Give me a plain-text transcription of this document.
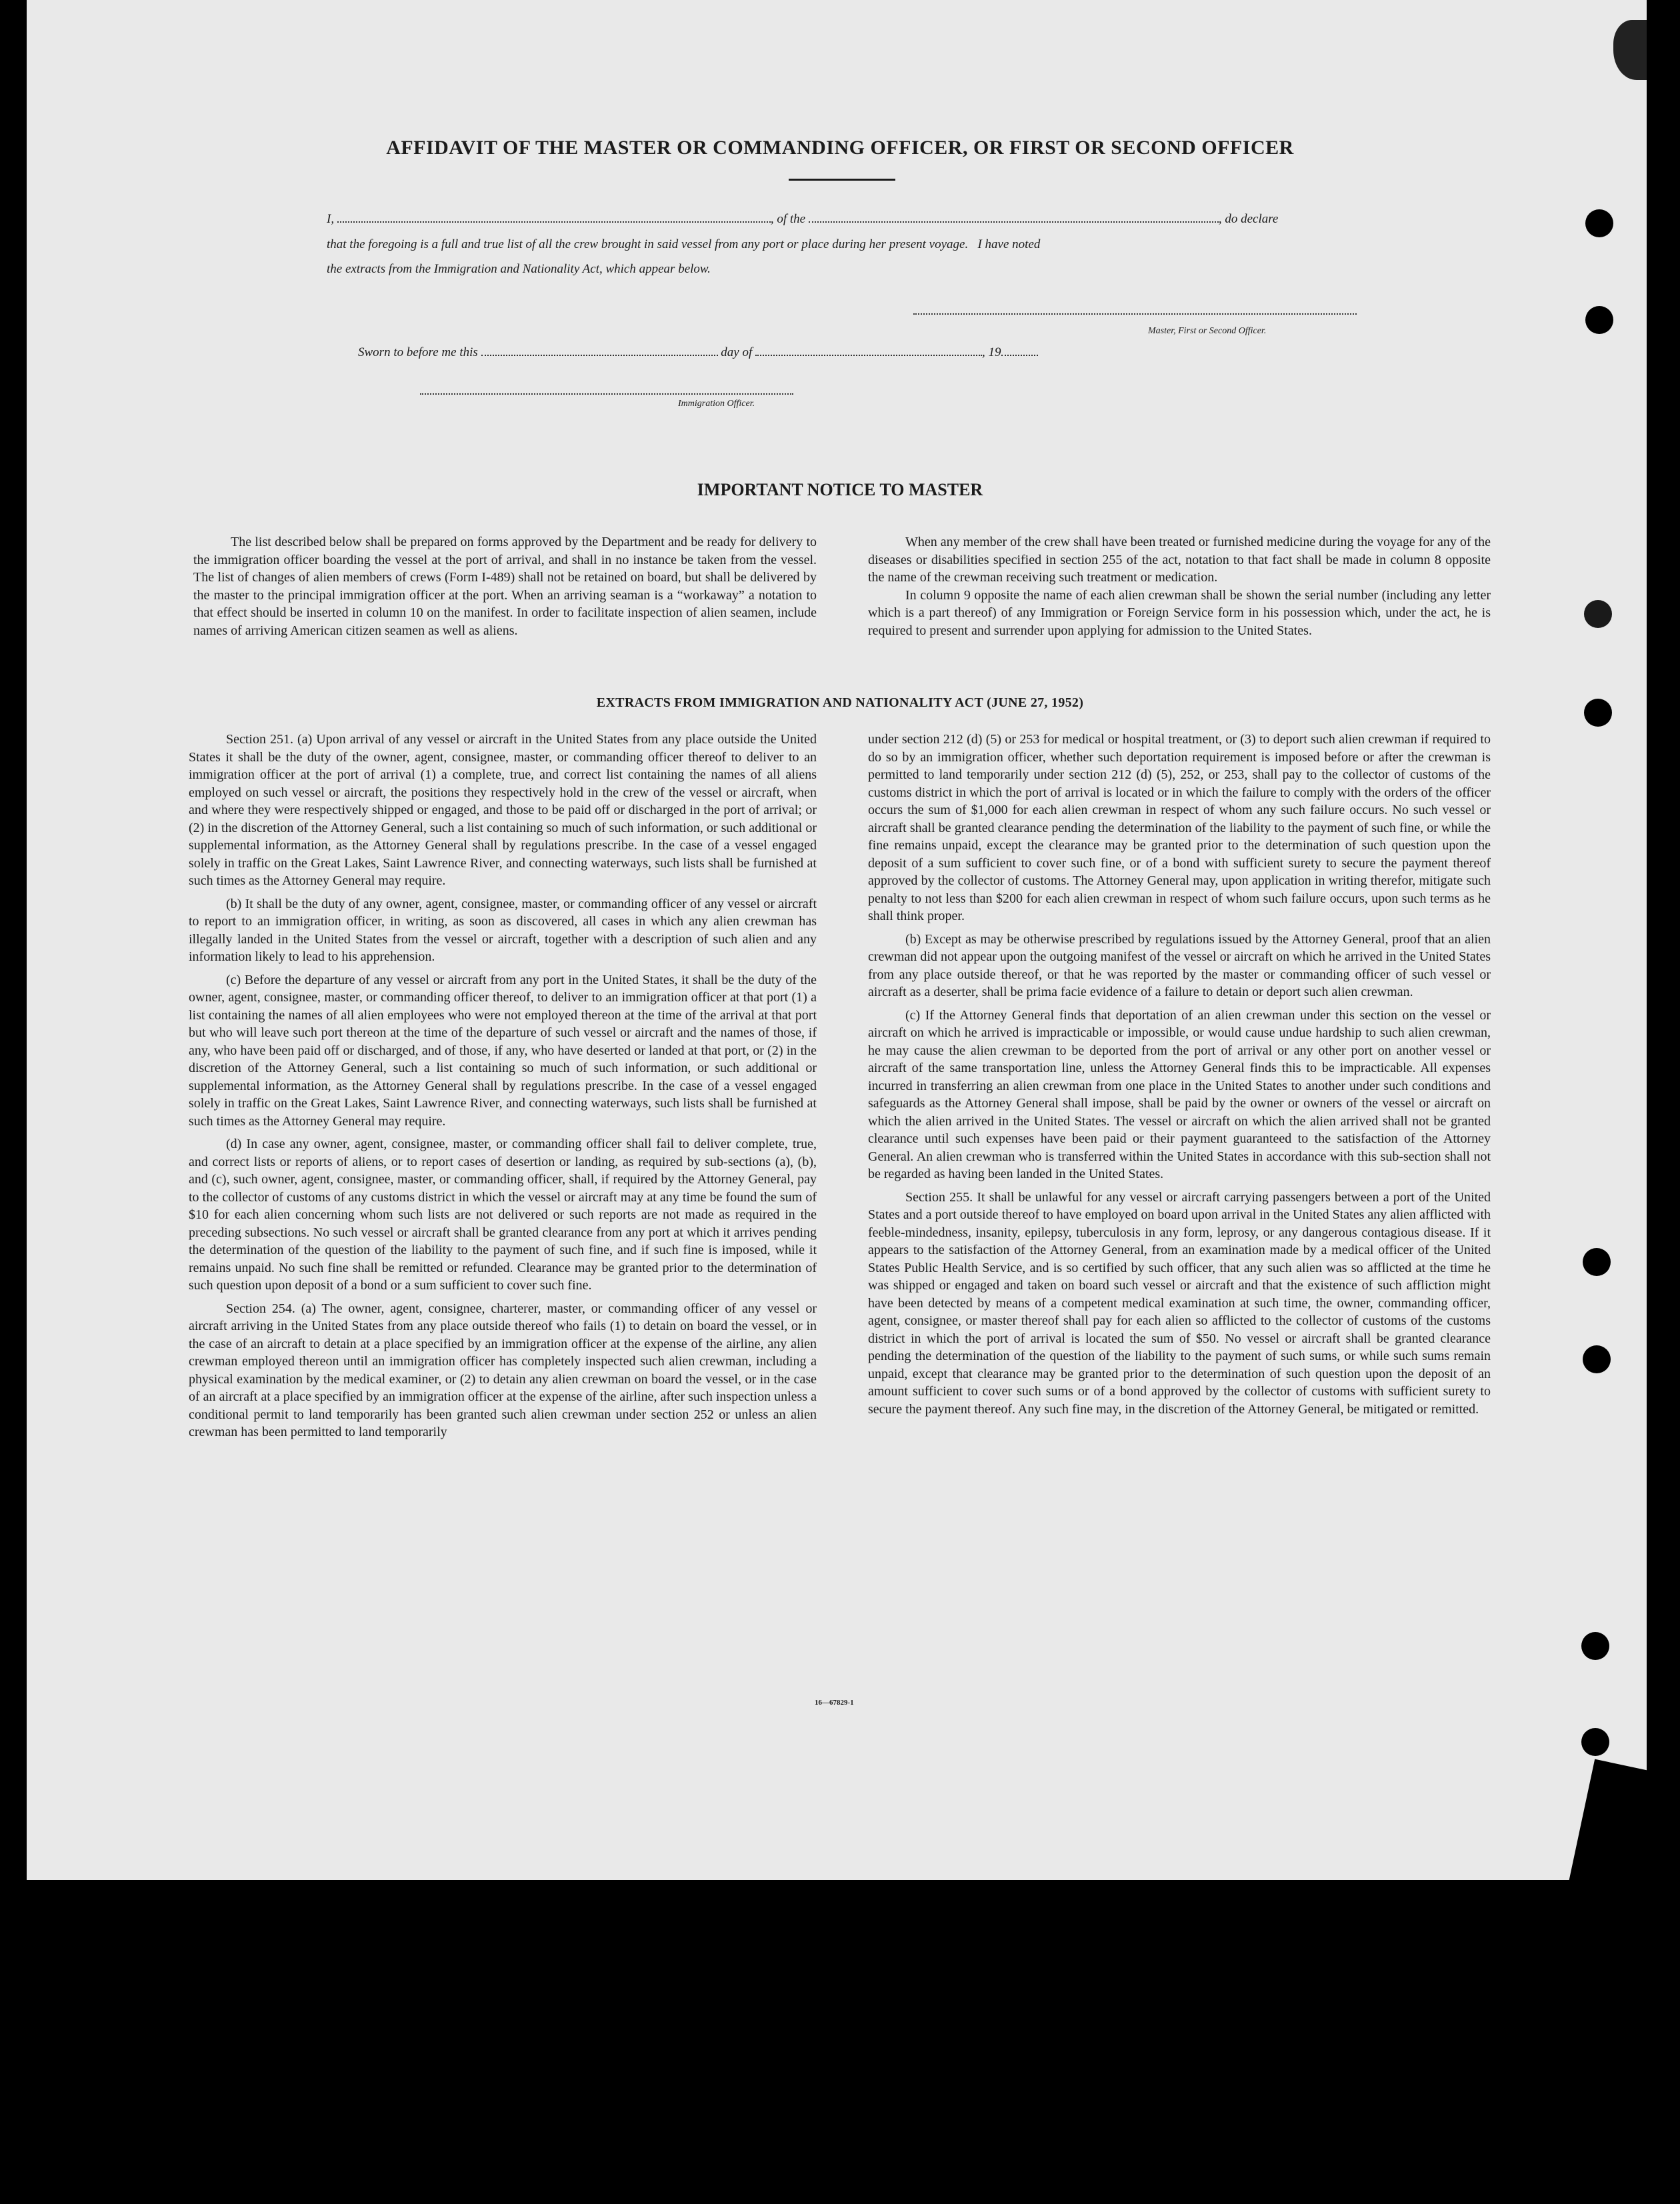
AFFIDAVIT OF THE MASTER OR COMMANDING OFFICER, OR FIRST OR SECOND OFFICER
I,	, of the	, do declare
that the foregoing is a full and true list of all the crew brought in said vessel from any port or place during her present voyage.   I have noted
the extracts from the Immigration and Nationality Act, which appear below.
Master, First or Second Officer.
Sworn to before me this	day of	, 19
Immigration Officer.
IMPORTANT NOTICE TO MASTER

The list described below shall be prepared on forms approved by the Department and be ready for delivery to the immigration officer boarding the vessel at the port of arrival, and shall in no instance be taken from the vessel. The list of changes of alien members of crews (Form I-489) shall not be retained on board, but shall be delivered by the master to the principal immigration officer at the port. When an arriving seaman is a “workaway” a notation to that effect should be inserted in column 10 on the manifest. In order to facilitate inspection of alien seamen, include names of arriving American citizen seamen as well as aliens.

When any member of the crew shall have been treated or furnished medicine during the voyage for any of the diseases or disabilities specified in section 255 of the act, notation to that fact shall be made in column 8 opposite the name of the crewman receiving such treatment or medication.

In column 9 opposite the name of each alien crewman shall be shown the serial number (including any letter which is a part thereof) of any Immigration or Foreign Service form in his possession which, under the act, he is required to present and surrender upon applying for admission to the United States.

EXTRACTS FROM IMMIGRATION AND NATIONALITY ACT (JUNE 27, 1952)

Section 251. (a) Upon arrival of any vessel or aircraft in the United States from any place outside the United States it shall be the duty of the owner, agent, consignee, master, or commanding officer thereof to deliver to an immigration officer at the port of arrival (1) a complete, true, and correct list containing the names of all aliens employed on such vessel or aircraft, the positions they respectively hold in the crew of the vessel or aircraft, when and where they were respectively shipped or engaged, and those to be paid off or discharged in the port of arrival; or (2) in the discretion of the Attorney General, such a list containing so much of such information, or such additional or supplemental information, as the Attorney General shall by regulations prescribe. In the case of a vessel engaged solely in traffic on the Great Lakes, Saint Lawrence River, and connecting waterways, such lists shall be furnished at such times as the Attorney General may require.

(b) It shall be the duty of any owner, agent, consignee, master, or commanding officer of any vessel or aircraft to report to an immigration officer, in writing, as soon as discovered, all cases in which any alien crewman has illegally landed in the United States from the vessel or aircraft, together with a description of such alien and any information likely to lead to his apprehension.

(c) Before the departure of any vessel or aircraft from any port in the United States, it shall be the duty of the owner, agent, consignee, master, or commanding officer thereof, to deliver to an immigration officer at that port (1) a list containing the names of all alien employees who were not employed thereon at the time of the arrival at that port but who will leave such port thereon at the time of the departure of such vessel or aircraft and the names of those, if any, who have been paid off or discharged, and of those, if any, who have deserted or landed at that port, or (2) in the discretion of the Attorney General, such a list containing so much of such information, or such additional or supplemental information, as the Attorney General shall by regulations prescribe. In the case of a vessel engaged solely in traffic on the Great Lakes, Saint Lawrence River, and connecting waterways, such lists shall be furnished at such times as the Attorney General may require.

(d) In case any owner, agent, consignee, master, or commanding officer shall fail to deliver complete, true, and correct lists or reports of aliens, or to report cases of desertion or landing, as required by sub-sections (a), (b), and (c), such owner, agent, consignee, master, or commanding officer, shall, if required by the Attorney General, pay to the collector of customs of any customs district in which the vessel or aircraft may at any time be found the sum of $10 for each alien concerning whom such lists are not delivered or such reports are not made as required in the preceding subsections. No such vessel or aircraft shall be granted clearance from any port at which it arrives pending the determination of the question of the liability to the payment of such fine, and if such fine is imposed, while it remains unpaid. No such fine shall be remitted or refunded. Clearance may be granted prior to the determination of such question upon deposit of a bond or a sum sufficient to cover such fine.

Section 254. (a) The owner, agent, consignee, charterer, master, or commanding officer of any vessel or aircraft arriving in the United States from any place outside thereof who fails (1) to detain on board the vessel, or in the case of an aircraft to detain at a place specified by an immigration officer at the expense of the airline, any alien crewman employed thereon until an immigration officer has completely inspected such alien crewman, including a physical examination by the medical examiner, or (2) to detain any alien crewman on board the vessel, or in the case of an aircraft at a place specified by an immigration officer at the expense of the airline, after such inspection unless a conditional permit to land temporarily has been granted such alien crewman under section 252 or unless an alien crewman has been permitted to land temporarily

under section 212 (d) (5) or 253 for medical or hospital treatment, or (3) to deport such alien crewman if required to do so by an immigration officer, whether such deportation requirement is imposed before or after the crewman is permitted to land temporarily under section 212 (d) (5), 252, or 253, shall pay to the collector of customs of the customs district in which the port of arrival is located or in which the failure to comply with the orders of the officer occurs the sum of $1,000 for each alien crewman in respect of whom any such failure occurs. No such vessel or aircraft shall be granted clearance pending the determination of the liability to the payment of such fine, or while the fine remains unpaid, except the clearance may be granted prior to the determination of such question upon the deposit of a sum sufficient to cover such fine, or of a bond with sufficient surety to secure the payment thereof approved by the collector of customs. The Attorney General may, upon application in writing therefor, mitigate such penalty to not less than $200 for each alien crewman in respect of whom such failure occurs, upon such terms as he shall think proper.

(b) Except as may be otherwise prescribed by regulations issued by the Attorney General, proof that an alien crewman did not appear upon the outgoing manifest of the vessel or aircraft on which he arrived in the United States from any place outside thereof, or that he was reported by the master or commanding officer of such vessel or aircraft as a deserter, shall be prima facie evidence of a failure to detain or deport such alien crewman.

(c) If the Attorney General finds that deportation of an alien crewman under this section on the vessel or aircraft on which he arrived is impracticable or impossible, or would cause undue hardship to such alien crewman, he may cause the alien crewman to be deported from the port of arrival or any other port on another vessel or aircraft of the same transportation line, unless the Attorney General finds this to be impracticable. All expenses incurred in transferring an alien crewman from one place in the United States to another under such conditions and safeguards as the Attorney General shall impose, shall be paid by the owner or owners of the vessel or aircraft on which the alien arrived in the United States. The vessel or aircraft on which the alien arrived shall not be granted clearance until such expenses have been paid or their payment guaranteed to the satisfaction of the Attorney General. An alien crewman who is transferred within the United States in accordance with this sub-section shall not be regarded as having been landed in the United States.

Section 255. It shall be unlawful for any vessel or aircraft carrying passengers between a port of the United States and a port outside thereof to have employed on board upon arrival in the United States any alien afflicted with feeble-mindedness, insanity, epilepsy, tuberculosis in any form, leprosy, or any dangerous contagious disease. If it appears to the satisfaction of the Attorney General, from an examination made by a medical officer of the United States Public Health Service, and is so certified by such officer, that any such alien was so afflicted at the time he was shipped or engaged and taken on board such vessel or aircraft and that the existence of such affliction might have been detected by means of a competent medical examination at such time, the owner, commanding officer, agent, consignee, or master thereof shall pay for each alien so afflicted to the collector of customs of the customs district in which the port of arrival is located the sum of $50. No vessel or aircraft shall be granted clearance pending the determination of the question of the liability to the payment of such sums, or while such sums remain unpaid, except that clearance may be granted prior to the determination of such question upon the deposit of an amount sufficient to cover such sums or of a bond approved by the collector of customs with sufficient surety to secure the payment thereof. Any such fine may, in the discretion of the Attorney General, be mitigated or remitted.

16—67829-1
